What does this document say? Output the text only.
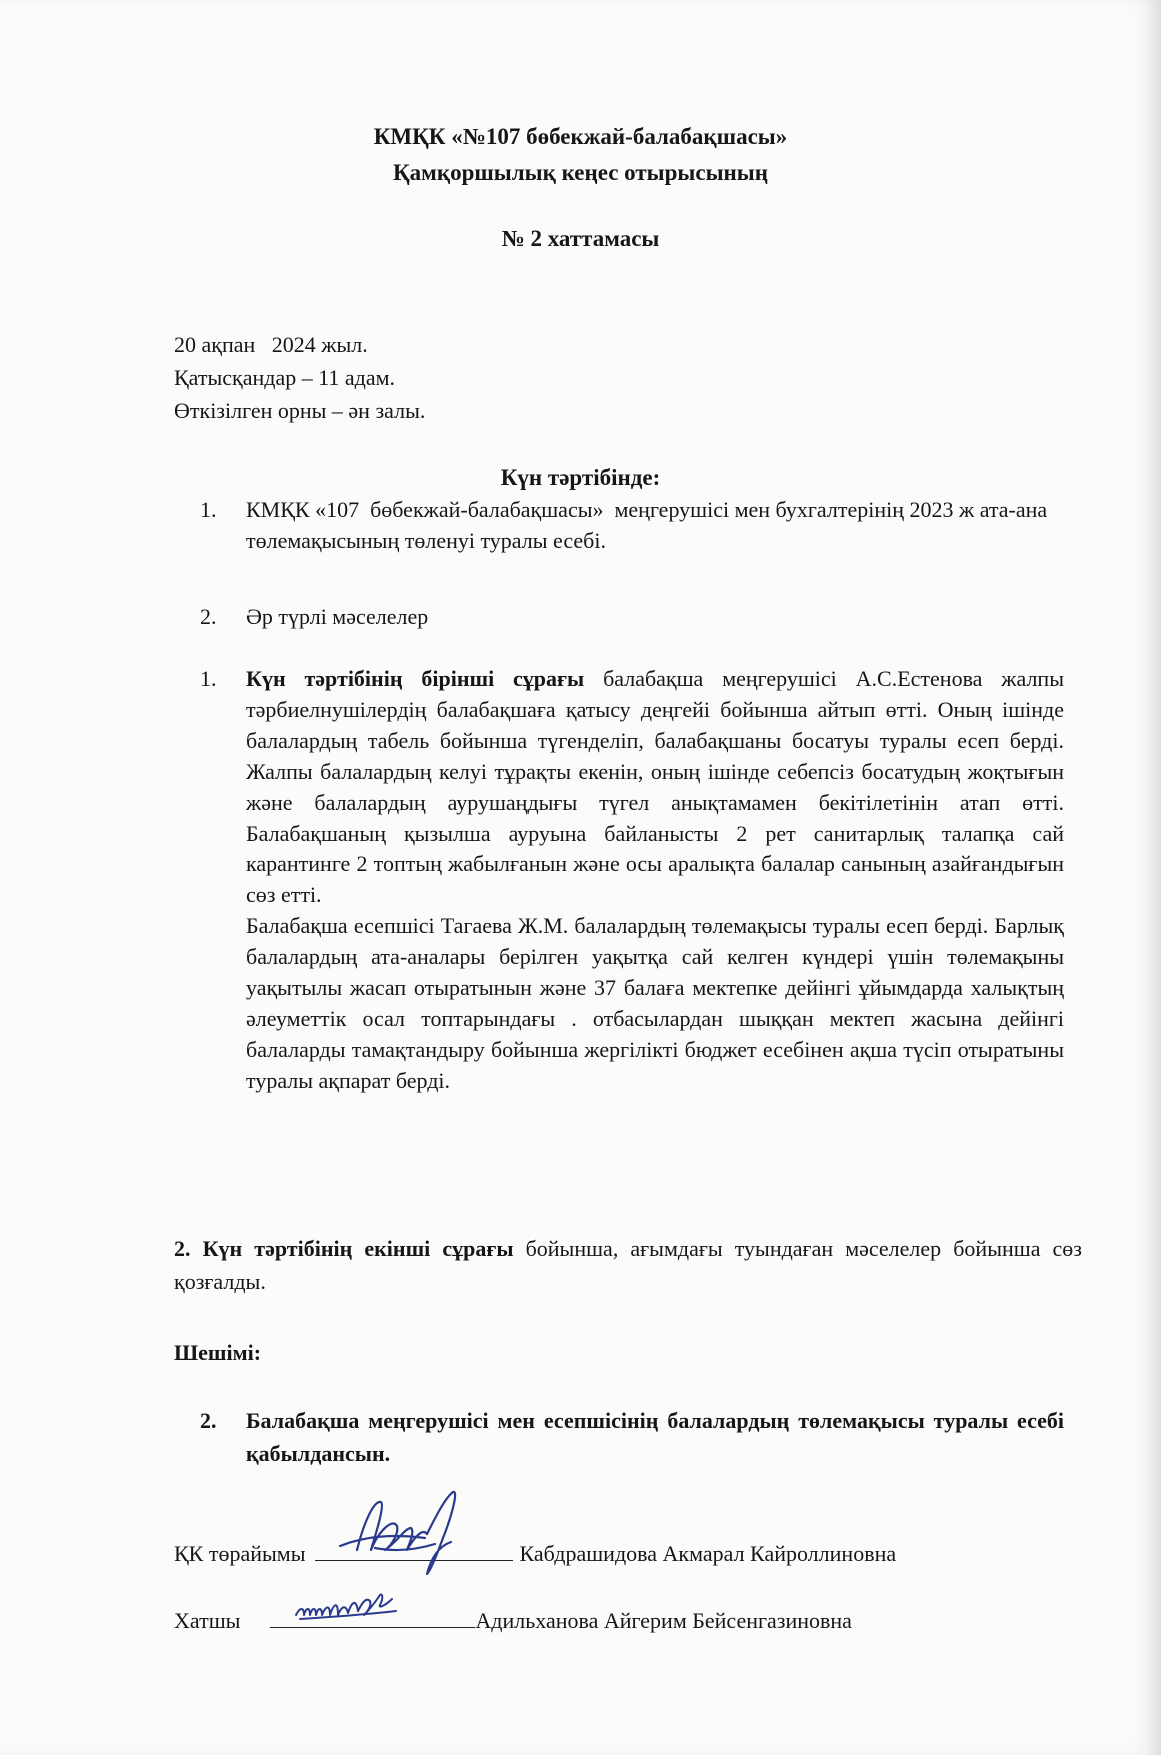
КМҚК «№107 бөбекжай-балабақшасы»
Қамқоршылық кеңес отырысының
№ 2 хаттамасы
20 ақпан   2024 жыл.
Қатысқандар – 11 адам.
Өткізілген орны – ән залы.
Күн тәртібінде:
1. КМҚК «107  бөбекжай-балабақшасы»  меңгерушісі мен бухгалтерінің 2023 ж ата-ана төлемақысының төленуі туралы есебі.
2. Әр түрлі мәселелер
1. Күн тәртібінің бірінші сұрағы балабақша меңгерушісі А.С.Естенова жалпы тәрбиелнушілердің балабақшаға қатысу деңгейі бойынша айтып өтті. Оның ішінде балалардың табель бойынша түгенделіп, балабақшаны босатуы туралы есеп берді. Жалпы балалардың келуі тұрақты екенін, оның ішінде себепсіз босатудың жоқтығын және балалардың аурушаңдығы түгел анықтамамен бекітілетінін атап өтті. Балабақшаның қызылша ауруына байланысты 2 рет санитарлық талапқа сай карантинге 2 топтың жабылғанын және осы аралықта балалар санының азайғандығын сөз етті.

Балабақша есепшісі Тагаева Ж.М. балалардың төлемақысы туралы есеп берді. Барлық балалардың ата-аналары берілген уақытқа сай келген күндері үшін төлемақыны уақытылы жасап отыратынын және 37 балаға мектепке дейінгі ұйымдарда халықтың әлеуметтік осал топтарындағы . отбасылардан шыққан мектеп жасына дейінгі балаларды тамақтандыру бойынша жергілікті бюджет есебінен ақша түсіп отыратыны туралы ақпарат берді.

2. Күн тәртібінің екінші сұрағы бойынша, ағымдағы туындаған мәселелер бойынша сөз қозғалды.
Шешімі:
2. Балабақша меңгерушісі мен есепшісінің балалардың төлемақысы туралы есебі қабылдансын.
ҚК төрайымы	Кабдрашидова Акмарал Кайроллиновна
Хатшы	Адильханова Айгерим Бейсенгазиновна
